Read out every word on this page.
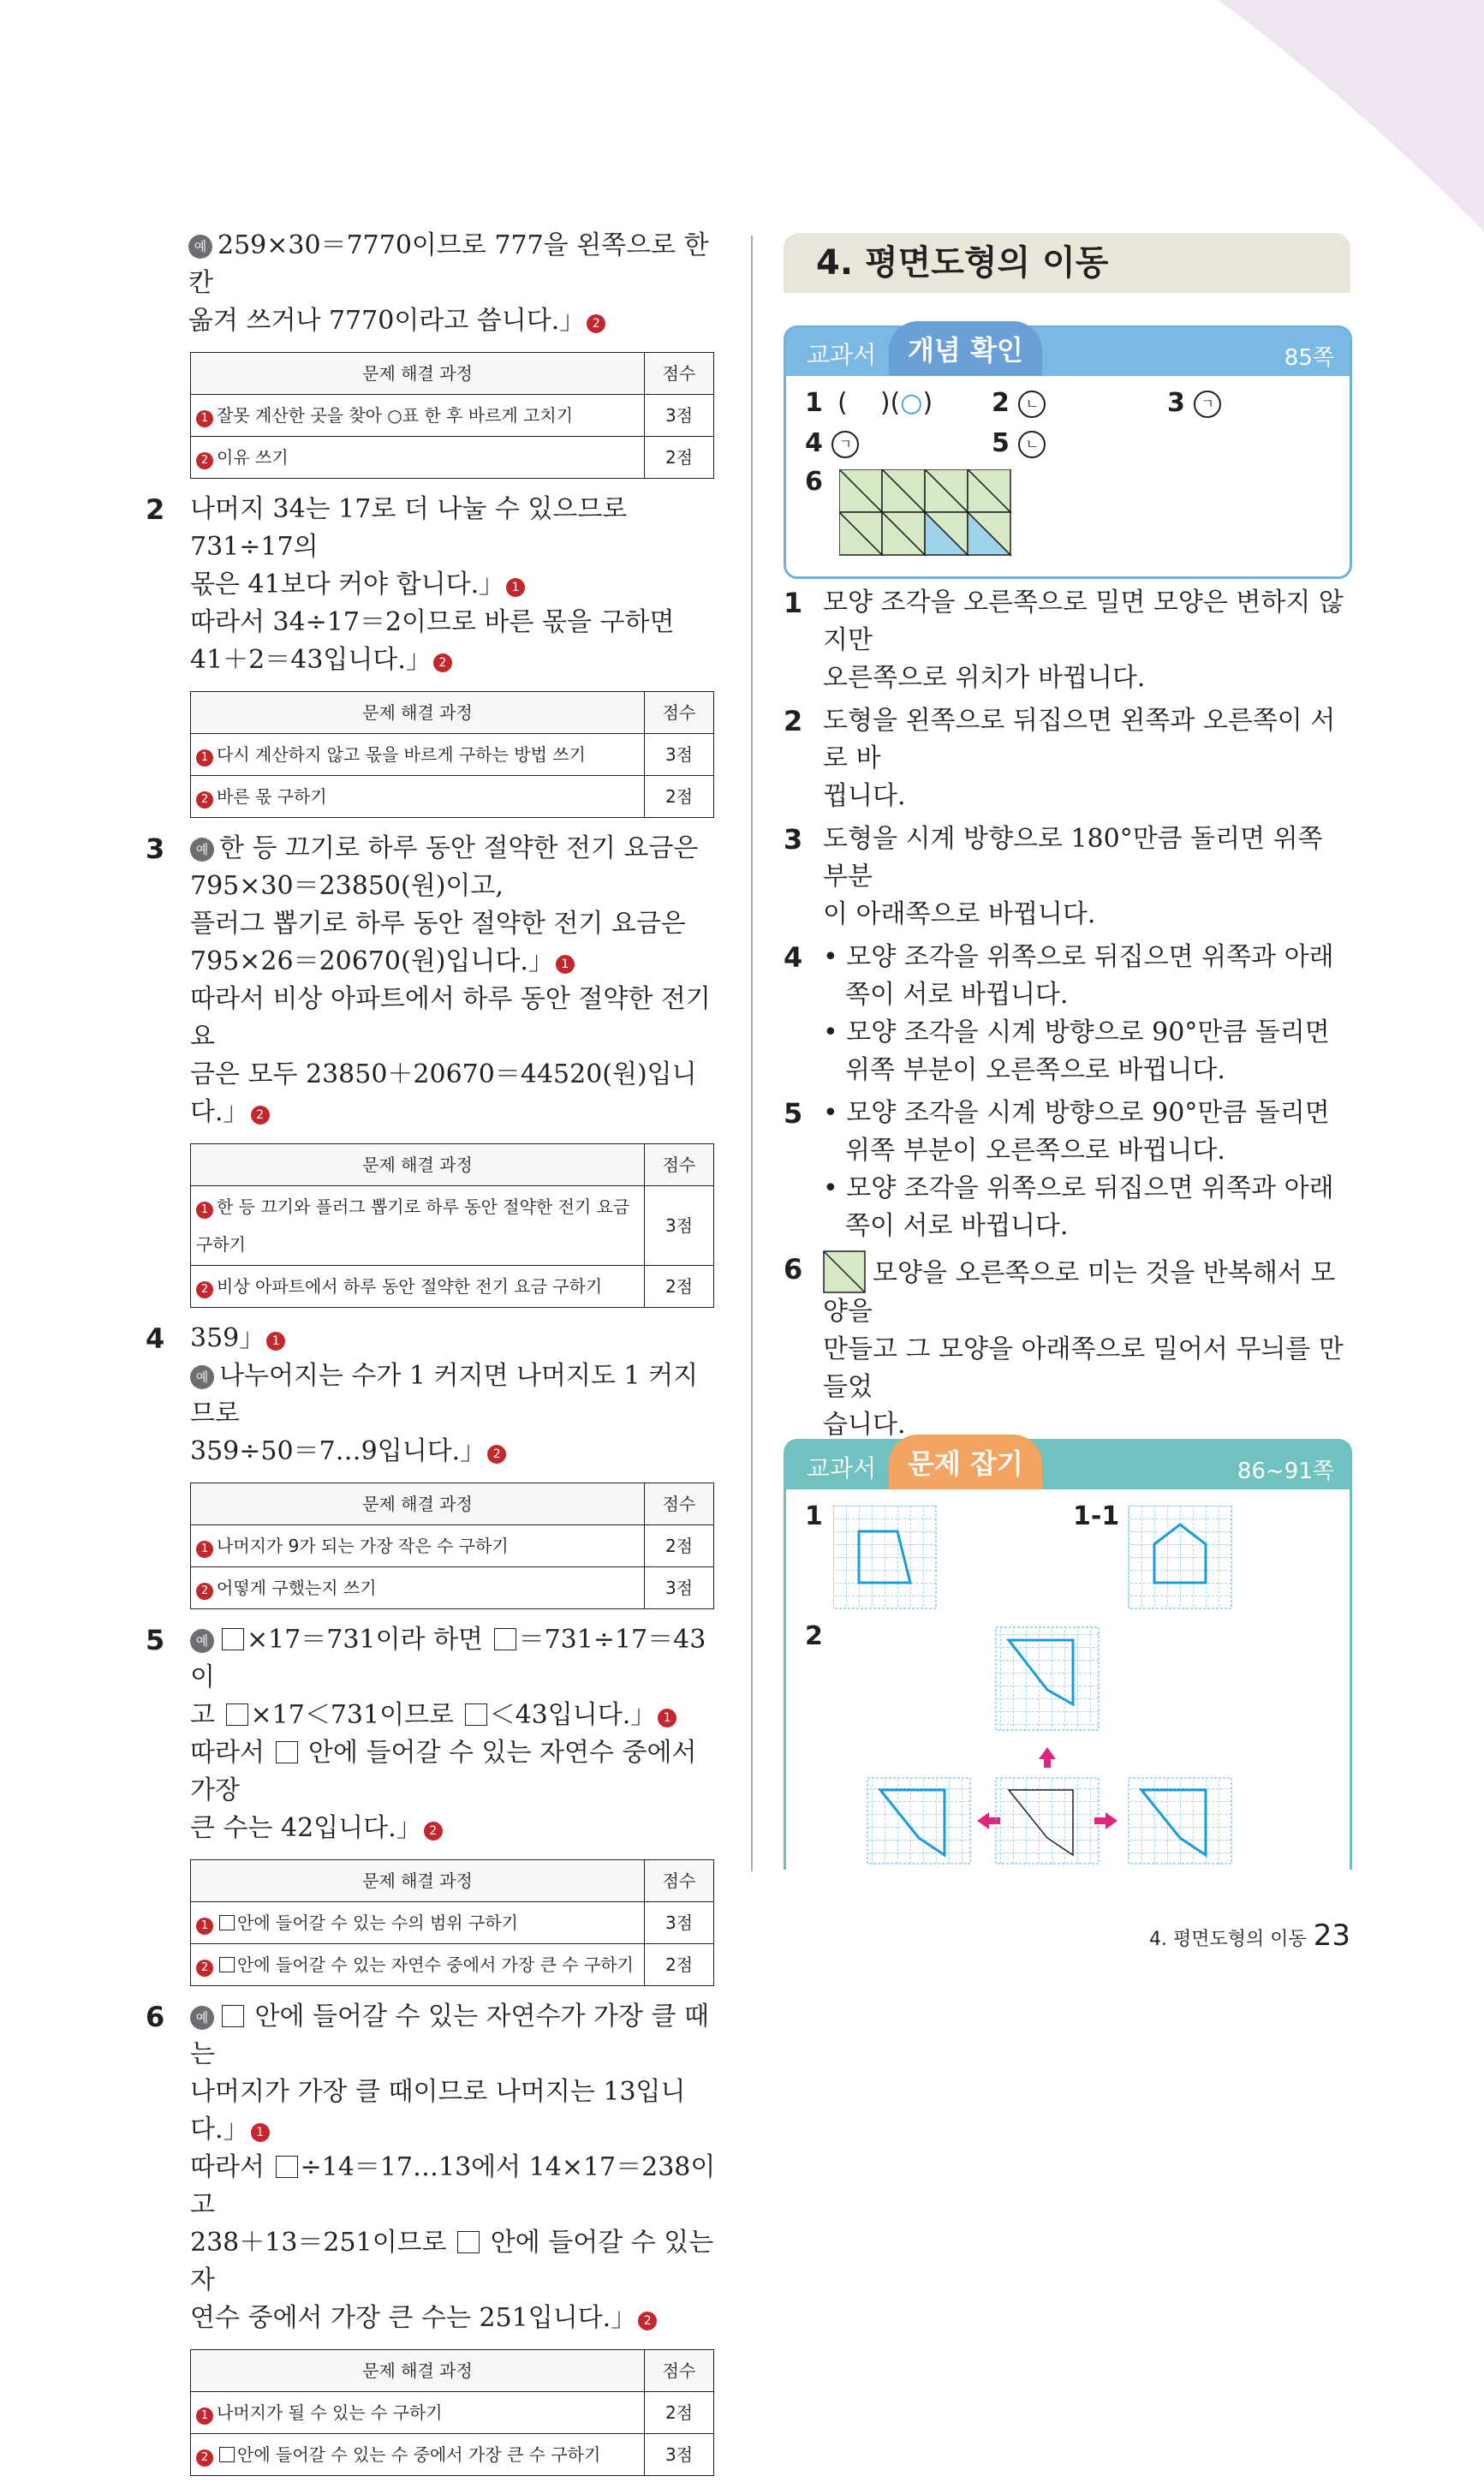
예 259×30＝7770이므로 777을 왼쪽으로 한 칸
옮겨 쓰거나 7770이라고 씁니다.」 2
문제 해결 과정	점수
1 잘못 계산한 곳을 찾아 ○표 한 후 바르게 고치기	3점
2 이유 쓰기	2점
2 나머지 34는 17로 더 나눌 수 있으므로 731÷17의
몫은 41보다 커야 합니다.」 1
따라서 34÷17＝2이므로 바른 몫을 구하면
41＋2＝43입니다.」 2
문제 해결 과정	점수
1 다시 계산하지 않고 몫을 바르게 구하는 방법 쓰기	3점
2 바른 몫 구하기	2점
3	예 한 등 끄기로 하루 동안 절약한 전기 요금은
795×30＝23850(원)이고,
플러그 뽑기로 하루 동안 절약한 전기 요금은
795×26＝20670(원)입니다.」 1
따라서 비상 아파트에서 하루 동안 절약한 전기 요
금은 모두 23850＋20670＝44520(원)입니다.」 2
문제 해결 과정	점수
1 한 등 끄기와 플러그 뽑기로 하루 동안 절약한 전기 요금 구하기	3점
2 비상 아파트에서 하루 동안 절약한 전기 요금 구하기	2점
4 359」 1
예 나누어지는 수가 1 커지면 나머지도 1 커지므로
359÷50＝7…9입니다.」 2
문제 해결 과정	점수
1 나머지가 9가 되는 가장 작은 수 구하기	2점
2 어떻게 구했는지 쓰기	3점
5	예 ×17＝731이라 하면 ＝731÷17＝43이
고 ×17＜731이므로 ＜43입니다.」 1
따라서 안에 들어갈 수 있는 자연수 중에서 가장
큰 수는 42입니다.」 2
문제 해결 과정	점수
1 안에 들어갈 수 있는 수의 범위 구하기	3점
2 안에 들어갈 수 있는 자연수 중에서 가장 큰 수 구하기	2점
6	예 안에 들어갈 수 있는 자연수가 가장 클 때는
나머지가 가장 클 때이므로 나머지는 13입니다.」 1
따라서 ÷14＝17…13에서 14×17＝238이고
238＋13＝251이므로 안에 들어갈 수 있는 자
연수 중에서 가장 큰 수는 251입니다.」 2
문제 해결 과정	점수
1 나머지가 될 수 있는 수 구하기	2점
2 안에 들어갈 수 있는 수 중에서 가장 큰 수 구하기	3점
4. 평면도형의 이동
교과서	개념 확인	85쪽
1 (    )(○) 2 ㄴ	3 ㄱ
4 ㄱ	5 ㄴ
6
1 모양 조각을 오른쪽으로 밀면 모양은 변하지 않지만
오른쪽으로 위치가 바뀝니다.
2 도형을 왼쪽으로 뒤집으면 왼쪽과 오른쪽이 서로 바
뀝니다.
3 도형을 시계 방향으로 180°만큼 돌리면 위쪽 부분
이 아래쪽으로 바뀝니다.
4 • 모양 조각을 위쪽으로 뒤집으면 위쪽과 아래쪽이 서로 바뀝니다.
• 모양 조각을 시계 방향으로 90°만큼 돌리면 위쪽 부분이 오른쪽으로 바뀝니다.
5 • 모양 조각을 시계 방향으로 90°만큼 돌리면 위쪽 부분이 오른쪽으로 바뀝니다.
• 모양 조각을 위쪽으로 뒤집으면 위쪽과 아래쪽이 서로 바뀝니다.
6	모양을 오른쪽으로 미는 것을 반복해서 모양을
만들고 그 모양을 아래쪽으로 밀어서 무늬를 만들었
습니다.
교과서	문제 잡기	86~91쪽
1	1-1
2
4. 평면도형의 이동 23
